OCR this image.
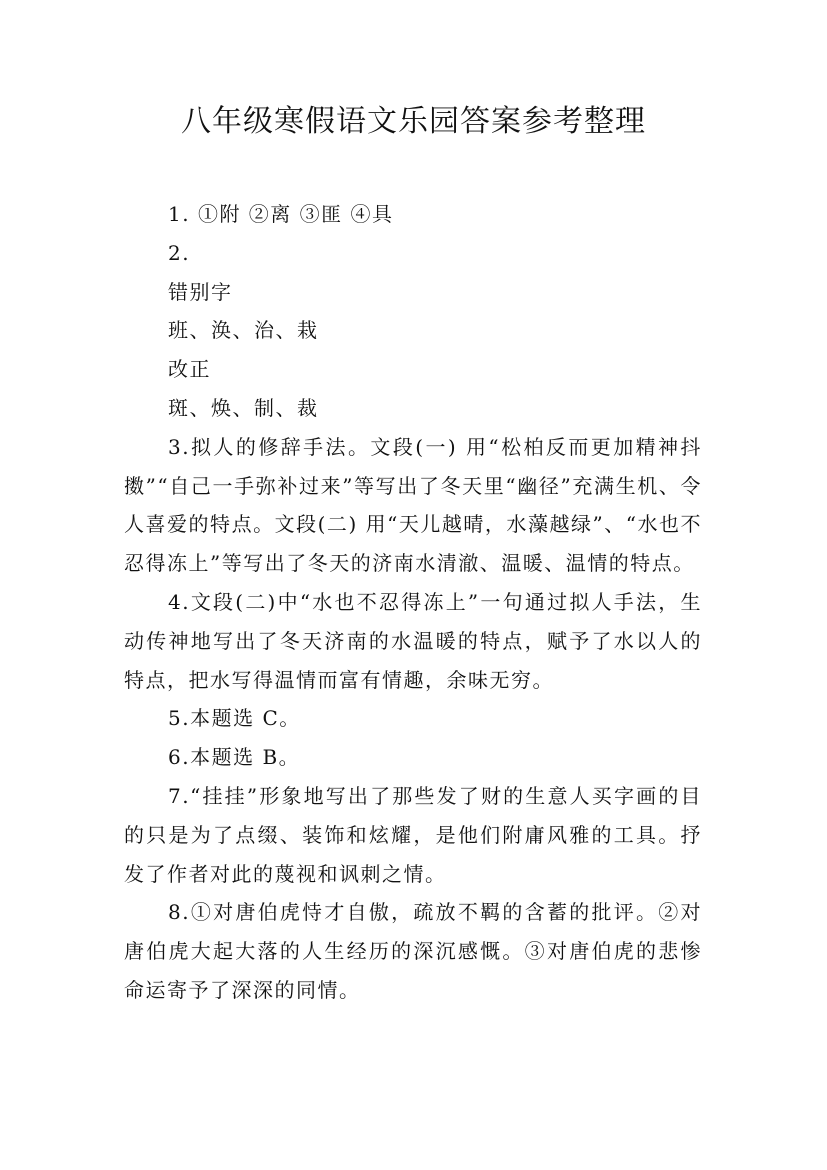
八年级寒假语文乐园答案参考整理

1. ①附 ②离 ③匪 ④具

2.

错别字

班、涣、治、栽

改正

斑、焕、制、裁

3.拟人的修辞手法。文段(一) 用“松柏反而更加精神抖擞”“自己一手弥补过来”等写出了冬天里“幽径”充满生机、令人喜爱的特点。文段(二) 用“天儿越晴，水藻越绿”、“水也不忍得冻上”等写出了冬天的济南水清澈、温暖、温情的特点。

4.文段(二)中“水也不忍得冻上”一句通过拟人手法，生动传神地写出了冬天济南的水温暖的特点，赋予了水以人的特点，把水写得温情而富有情趣，余味无穷。

5.本题选 C。

6.本题选 B。

7.“挂挂”形象地写出了那些发了财的生意人买字画的目的只是为了点缀、装饰和炫耀，是他们附庸风雅的工具。抒发了作者对此的蔑视和讽刺之情。

8.①对唐伯虎恃才自傲，疏放不羁的含蓄的批评。②对唐伯虎大起大落的人生经历的深沉感慨。③对唐伯虎的悲惨命运寄予了深深的同情。
